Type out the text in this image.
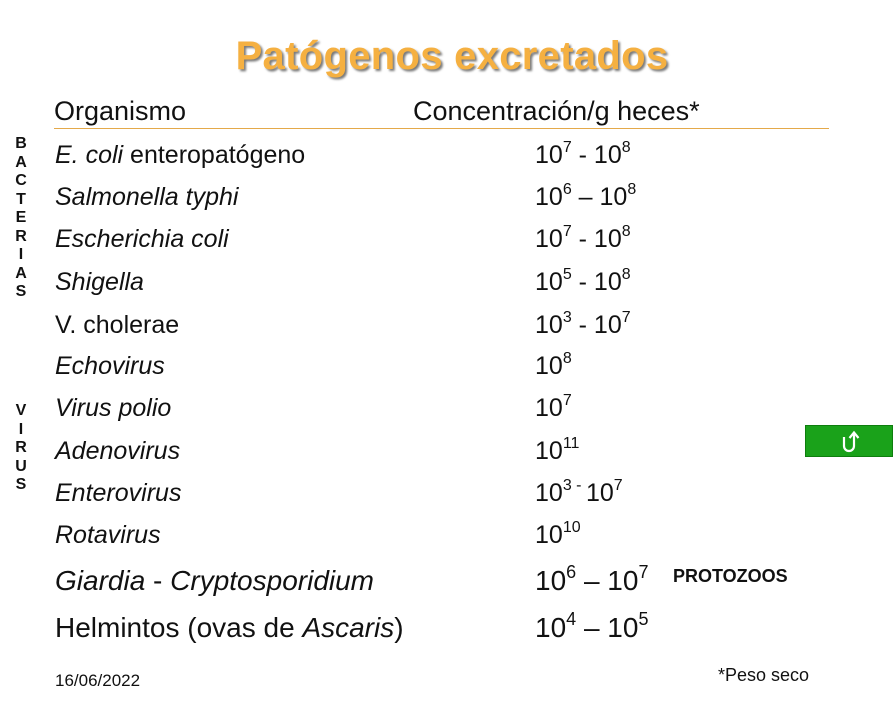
Patógenos excretados
Organismo	Concentración/g heces*
B
A
C
T
E
R
I
A
S
V
I
R
U
S
E. coli enteropatógeno	$10^7 - 10^8$
Salmonella typhi	$10^6 - 10^8$
Escherichia coli	$10^7 - 10^8$
Shigella	$10^5 - 10^8$
V. cholerae	$10^3 - 10^7$
Echovirus	$10^8$
Virus polio	$10^7$
Adenovirus	$10^{11}$
Enterovirus	$10^{3 -}$ $10^7$
Rotavirus	$10^{10}$
Giardia - Cryptosporidium	$10^6 - 10^7$
Helmintos (ovas de Ascaris)	$10^4 - 10^5$
PROTOZOOS
16/06/2022	*Peso seco
